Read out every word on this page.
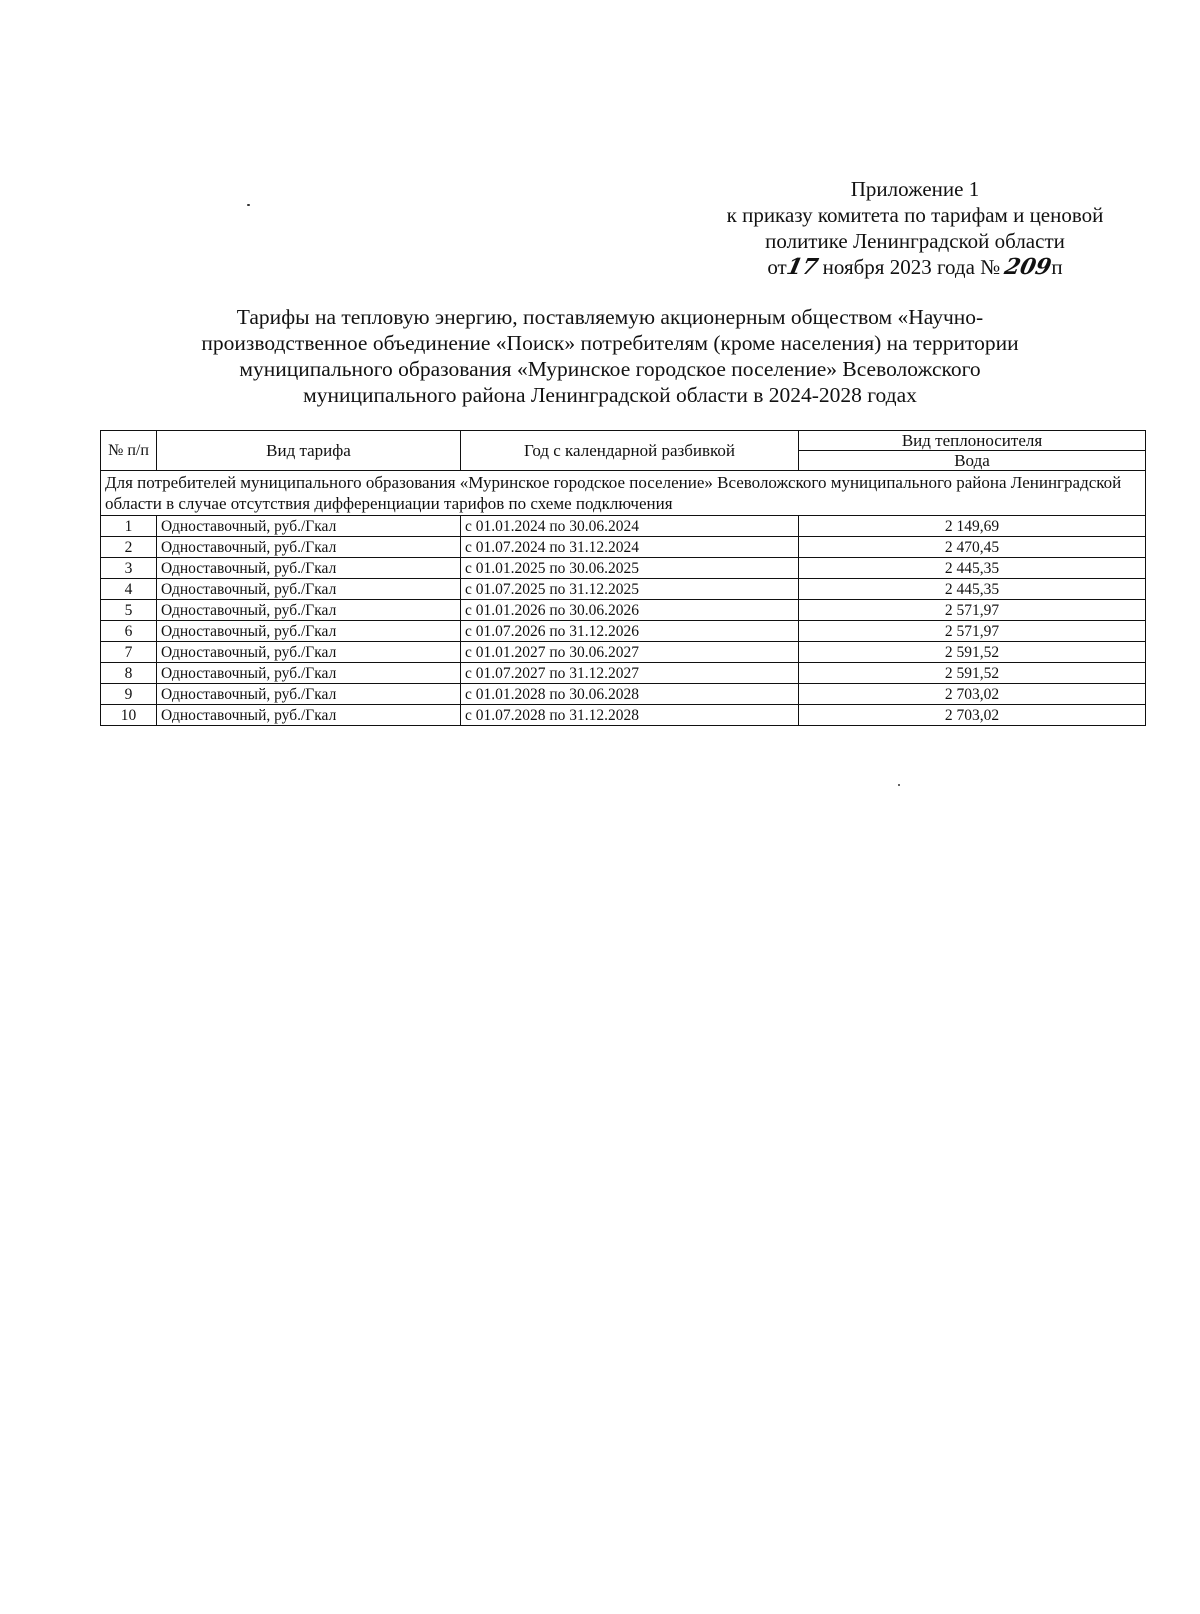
Приложение 1
к приказу комитета по тарифам и ценовой
политике Ленинградской области
от17 ноября 2023 года № 209п
Тарифы на тепловую энергию, поставляемую акционерным обществом «Научно-
производственное объединение «Поиск» потребителям (кроме населения) на территории
муниципального образования «Муринское городское поселение» Всеволожского
муниципального района Ленинградской области в 2024-2028 годах
№ п/п	Вид тарифа	Год с календарной разбивкой	Вид теплоносителя
			Вода
Для потребителей муниципального образования «Муринское городское поселение» Всеволожского муниципального района Ленинградской области в случае отсутствия дифференциации тарифов по схеме подключения			
1	Одноставочный, руб./Гкал	с 01.01.2024 по 30.06.2024	2 149,69
2	Одноставочный, руб./Гкал	с 01.07.2024 по 31.12.2024	2 470,45
3	Одноставочный, руб./Гкал	с 01.01.2025 по 30.06.2025	2 445,35
4	Одноставочный, руб./Гкал	с 01.07.2025 по 31.12.2025	2 445,35
5	Одноставочный, руб./Гкал	с 01.01.2026 по 30.06.2026	2 571,97
6	Одноставочный, руб./Гкал	с 01.07.2026 по 31.12.2026	2 571,97
7	Одноставочный, руб./Гкал	с 01.01.2027 по 30.06.2027	2 591,52
8	Одноставочный, руб./Гкал	с 01.07.2027 по 31.12.2027	2 591,52
9	Одноставочный, руб./Гкал	с 01.01.2028 по 30.06.2028	2 703,02
10	Одноставочный, руб./Гкал	с 01.07.2028 по 31.12.2028	2 703,02
